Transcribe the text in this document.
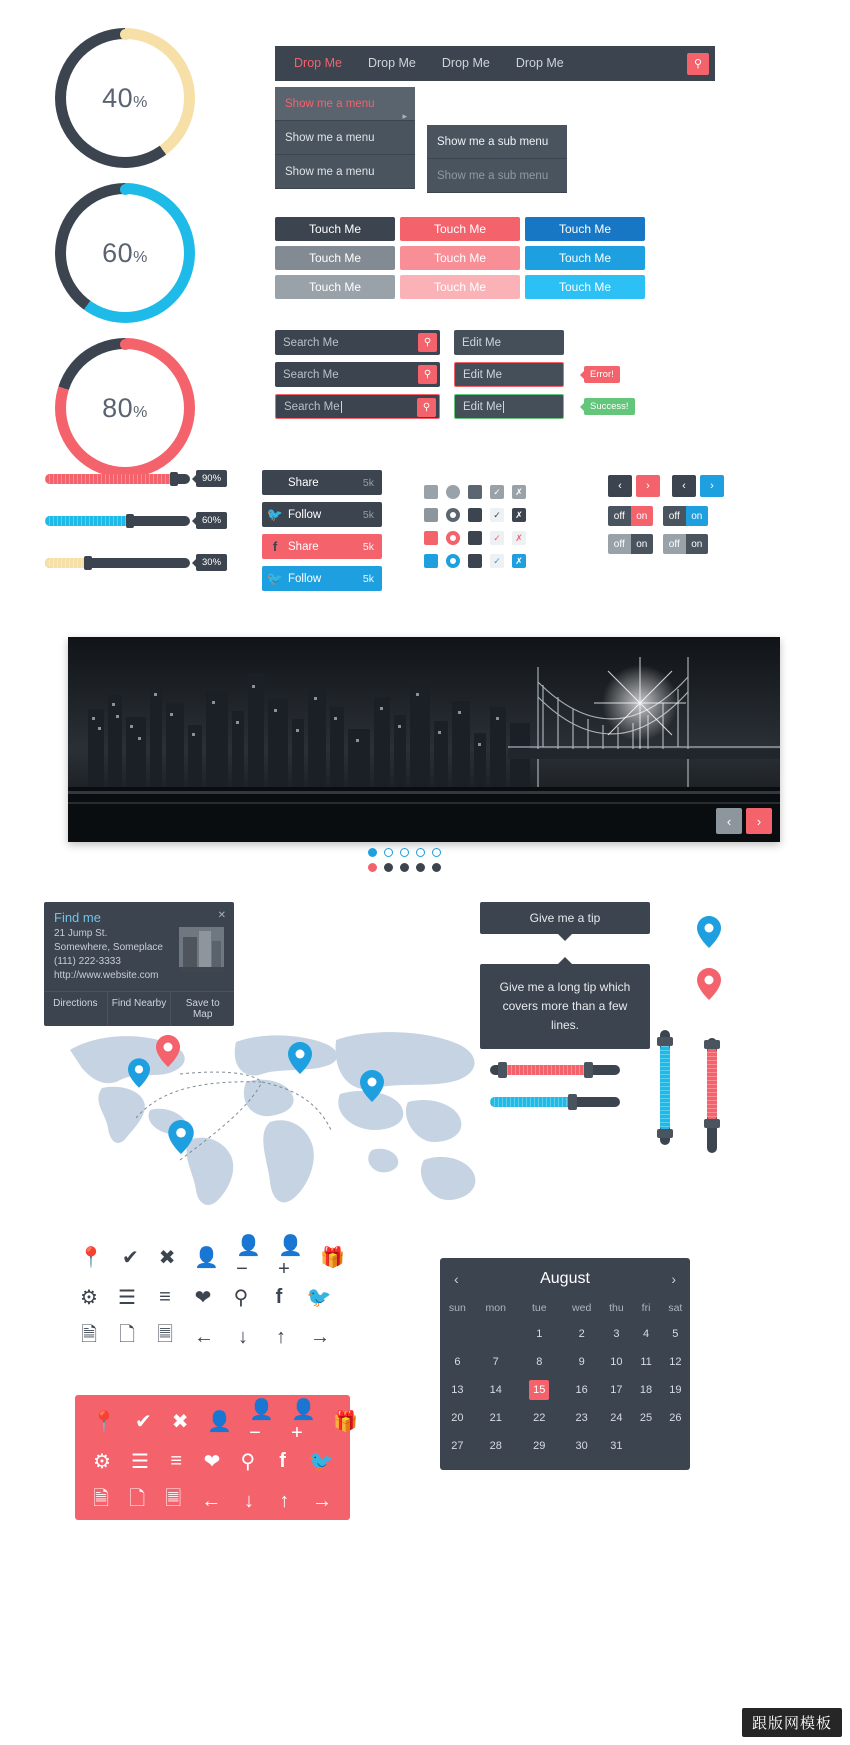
40%
60%
80%
Drop Me	Drop Me	Drop Me	Drop Me	⚲
Show me a menu
▸
Show me a menu
Show me a menu
Show me a sub menu
Show me a sub menu
Touch Me	Touch Me	Touch Me
Touch Me	Touch Me	Touch Me
Touch Me	Touch Me	Touch Me
Search Me	⚲	Edit Me
Search Me	⚲	Edit Me	Error!
Search Me	⚲	Edit Me	Success!
90%
60%
30%
f Share	5k
🐦 Follow	5k
f Share	5k
🐦 Follow	5k
✓	✗
✓	✗
✓	✗
✓	✗
‹	›	‹	›
off	on	off	on
off	on	off	on
‹	›
Find me	✕
21 Jump St.
Somewhere, Someplace
(111) 222-3333
http://www.website.com
Directions	Find Nearby	Save to Map
Give me a tip
Give me a long tip which covers more than a few lines.
📍 ✔ ✖ 👤
👤−
👤+
🎁
⚙ ☰ ≡ ❤ ⚲ f 🐦
🗎 🗋 🗏 ← ↓ ↑ →
📍 ✔ ✖ 👤
👤−
👤+
🎁
⚙ ☰ ≡ ❤ ⚲ f 🐦
🗎 🗋 🗏 ← ↓ ↑ →
‹	August	›
sun	mon	tue	wed	thu	fri	sat
		1	2	3	4	5
6	7	8	9	10	11	12
13	14	15	16	17	18	19
20	21	22	23	24	25	26
27	28	29	30	31		
跟版网模板
